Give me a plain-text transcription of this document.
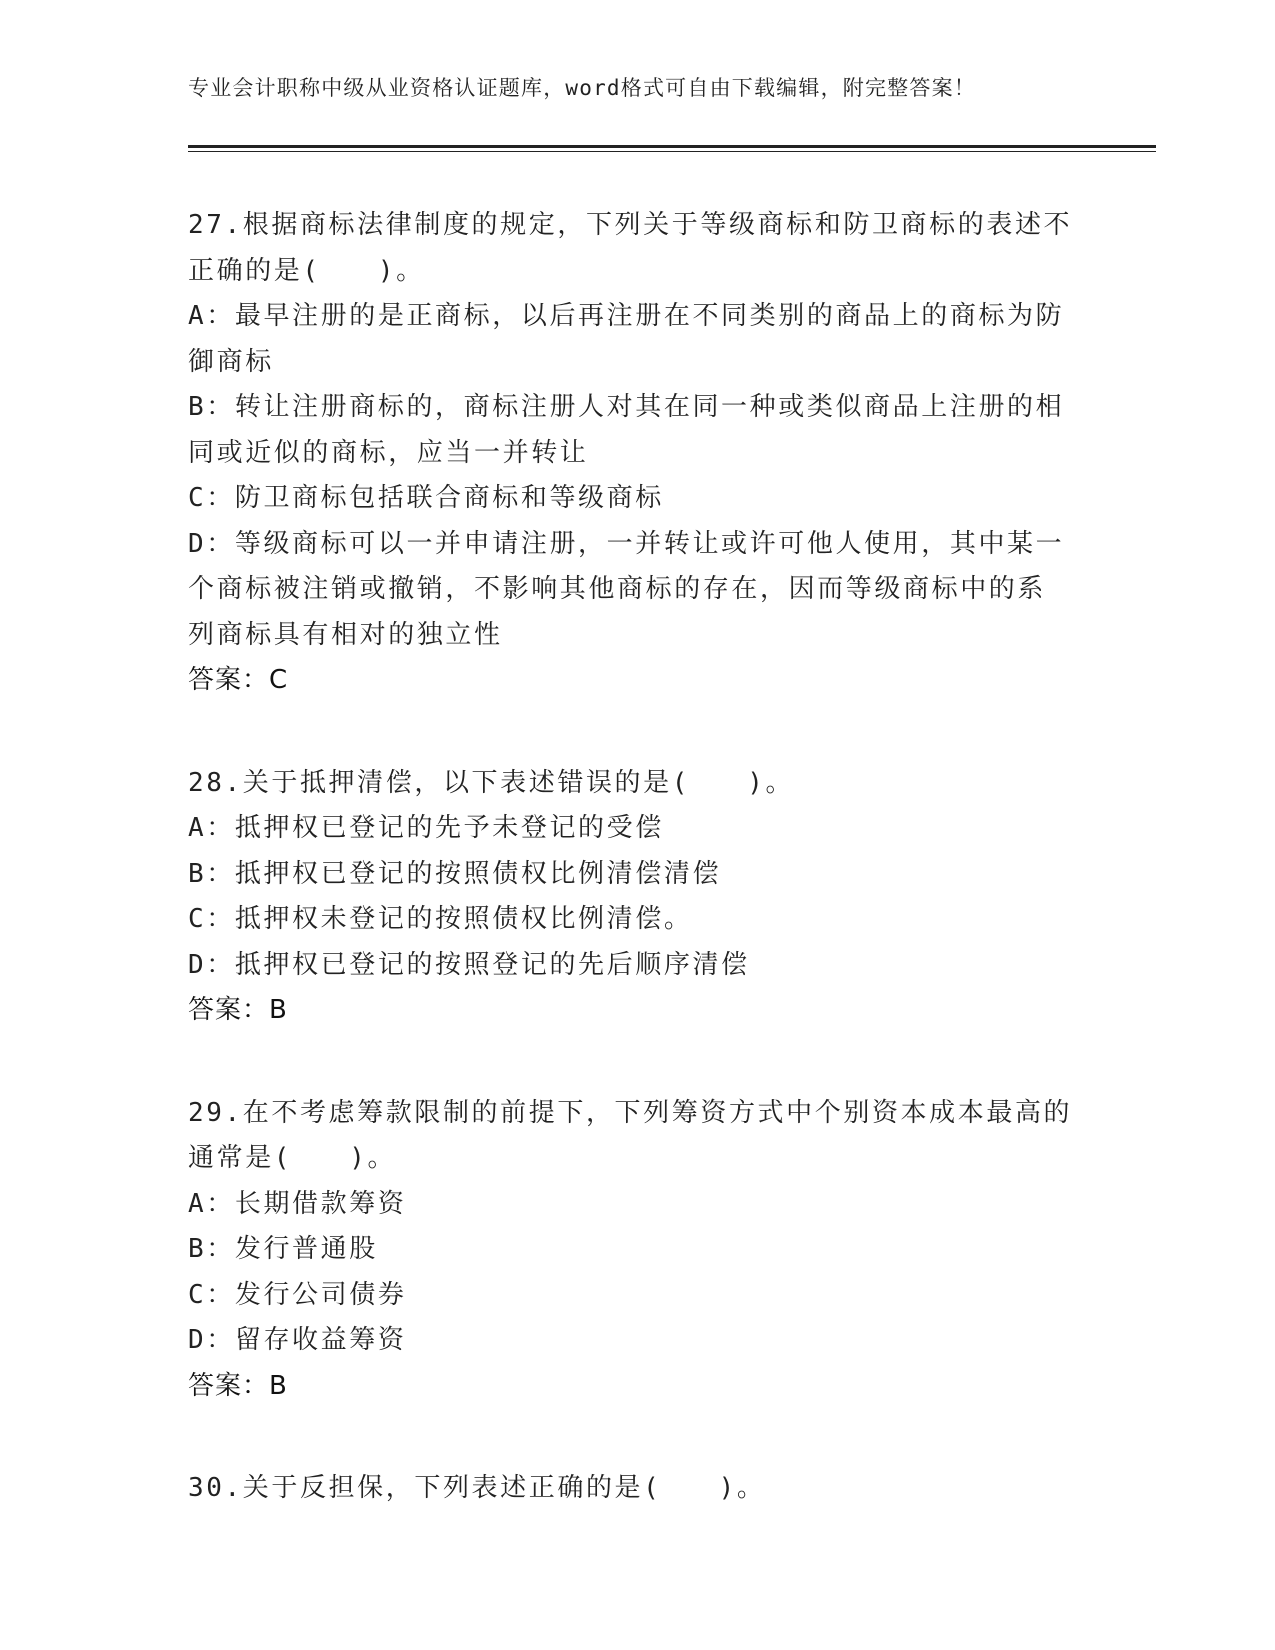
专业会计职称中级从业资格认证题库，word格式可自由下载编辑，附完整答案！
27.根据商标法律制度的规定，下列关于等级商标和防卫商标的表述不
正确的是(　　)。
A：最早注册的是正商标，以后再注册在不同类别的商品上的商标为防
御商标
B：转让注册商标的，商标注册人对其在同一种或类似商品上注册的相
同或近似的商标，应当一并转让
C：防卫商标包括联合商标和等级商标
D：等级商标可以一并申请注册，一并转让或许可他人使用，其中某一
个商标被注销或撤销，不影响其他商标的存在，因而等级商标中的系
列商标具有相对的独立性
答案：C
28.关于抵押清偿，以下表述错误的是(　　)。
A：抵押权已登记的先予未登记的受偿
B：抵押权已登记的按照债权比例清偿清偿
C：抵押权未登记的按照债权比例清偿。
D：抵押权已登记的按照登记的先后顺序清偿
答案：B
29.在不考虑筹款限制的前提下，下列筹资方式中个别资本成本最高的
通常是(　　)。
A：长期借款筹资
B：发行普通股
C：发行公司债券
D：留存收益筹资
答案：B
30.关于反担保，下列表述正确的是(　　)。
